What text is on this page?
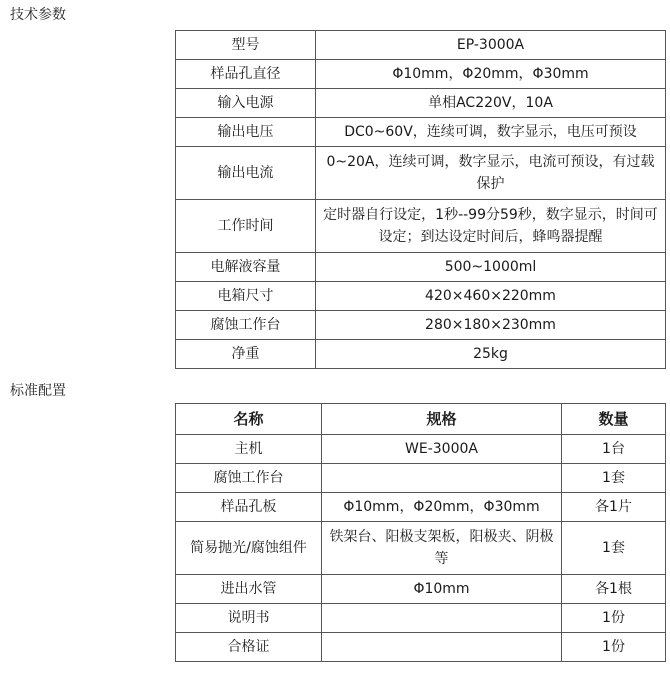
技术参数
型号	EP-3000A
样品孔直径	Φ10mm，Φ20mm，Φ30mm
输入电源	单相AC220V，10A
输出电压	DC0~60V，连续可调，数字显示，电压可预设
输出电流	0~20A，连续可调，数字显示，电流可预设，有过载保护
工作时间	定时器自行设定，1秒--99分59秒，数字显示，时间可设定；到达设定时间后，蜂鸣器提醒
电解液容量	500~1000ml
电箱尺寸	420×460×220mm
腐蚀工作台	280×180×230mm
净重	25kg
标准配置
名称	规格	数量
主机	WE-3000A	1台
腐蚀工作台		1套
样品孔板	Φ10mm，Φ20mm，Φ30mm	各1片
简易抛光/腐蚀组件	铁架台、阳极支架板，阳极夹、阴极等	1套
进出水管	Φ10mm	各1根
说明书		1份
合格证		1份
